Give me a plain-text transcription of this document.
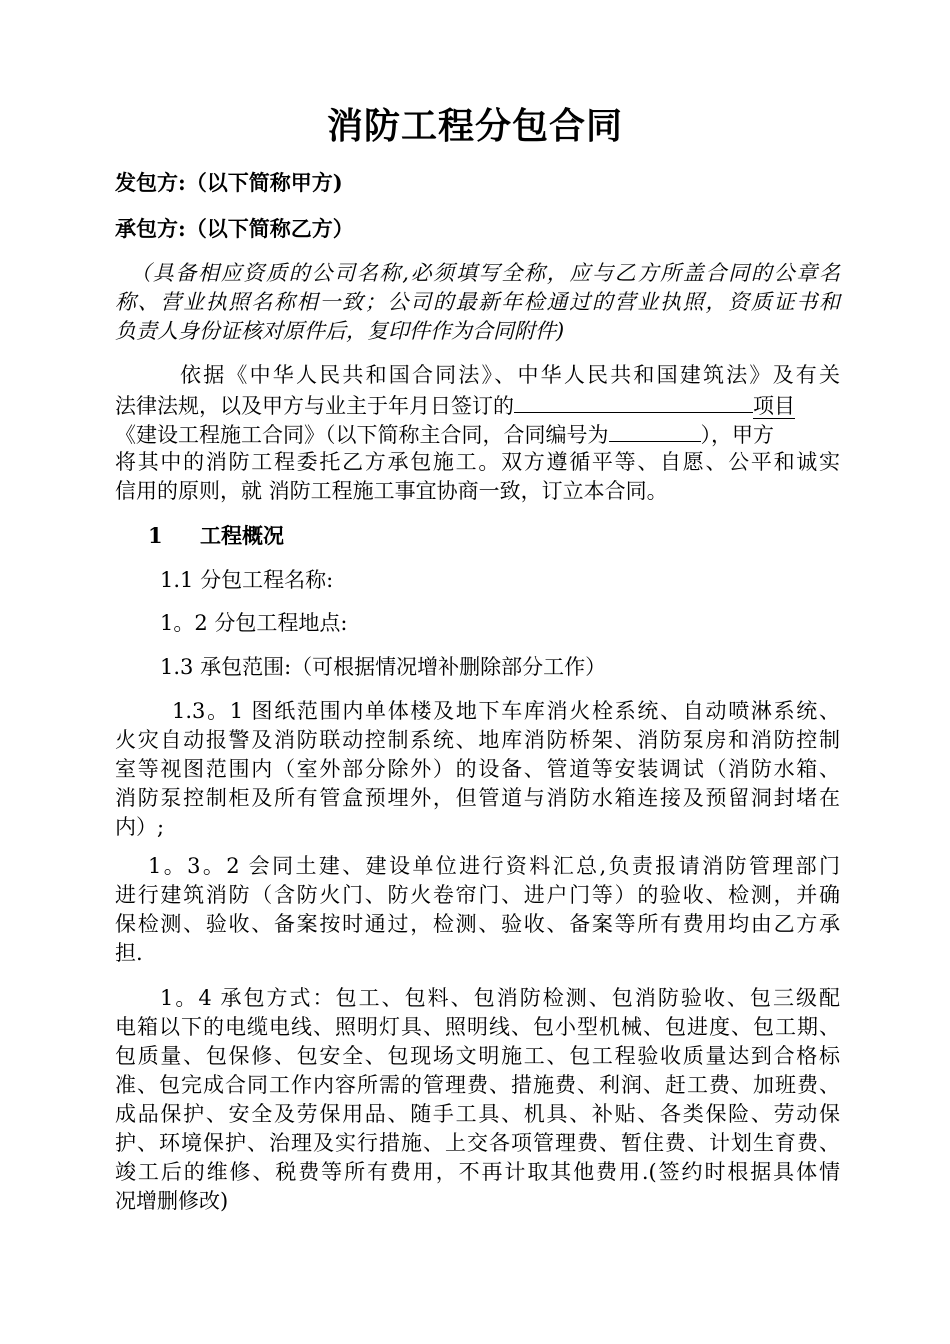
消防工程分包合同
发包方:（以下简称甲方)
承包方:（以下简称乙方）
（具备相应资质的公司名称,必须填写全称，应与乙方所盖合同的公章名
称、营业执照名称相一致；公司的最新年检通过的营业执照，资质证书和
负责人身份证核对原件后，复印件作为合同附件)
依据《中华人民共和国合同法》、中华人民共和国建筑法》及有关
法律法规，以及甲方与业主于年月日签订的	项目
《建设工程施工合同》（以下简称主合同，合同编号为	），甲方
将其中的消防工程委托乙方承包施工。双方遵循平等、自愿、公平和诚实
信用的原则，就 消防工程施工事宜协商一致，订立本合同。
1 工程概况
1.1 分包工程名称:
1。2 分包工程地点:
1.3 承包范围:（可根据情况增补删除部分工作）
1.3。1 图纸范围内单体楼及地下车库消火栓系统、自动喷淋系统、
火灾自动报警及消防联动控制系统、地库消防桥架、消防泵房和消防控制
室等视图范围内（室外部分除外）的设备、管道等安装调试（消防水箱、
消防泵控制柜及所有管盒预埋外，但管道与消防水箱连接及预留洞封堵在
内）;
1。3。2 会同土建、建设单位进行资料汇总,负责报请消防管理部门
进行建筑消防（含防火门、防火卷帘门、进户门等）的验收、检测，并确
保检测、验收、备案按时通过，检测、验收、备案等所有费用均由乙方承
担.
1。4 承包方式：包工、包料、包消防检测、包消防验收、包三级配
电箱以下的电缆电线、照明灯具、照明线、包小型机械、包进度、包工期、
包质量、包保修、包安全、包现场文明施工、包工程验收质量达到合格标
准、包完成合同工作内容所需的管理费、措施费、利润、赶工费、加班费、
成品保护、安全及劳保用品、随手工具、机具、补贴、各类保险、劳动保
护、环境保护、治理及实行措施、上交各项管理费、暂住费、计划生育费、
竣工后的维修、税费等所有费用，不再计取其他费用.(签约时根据具体情
况增删修改)
